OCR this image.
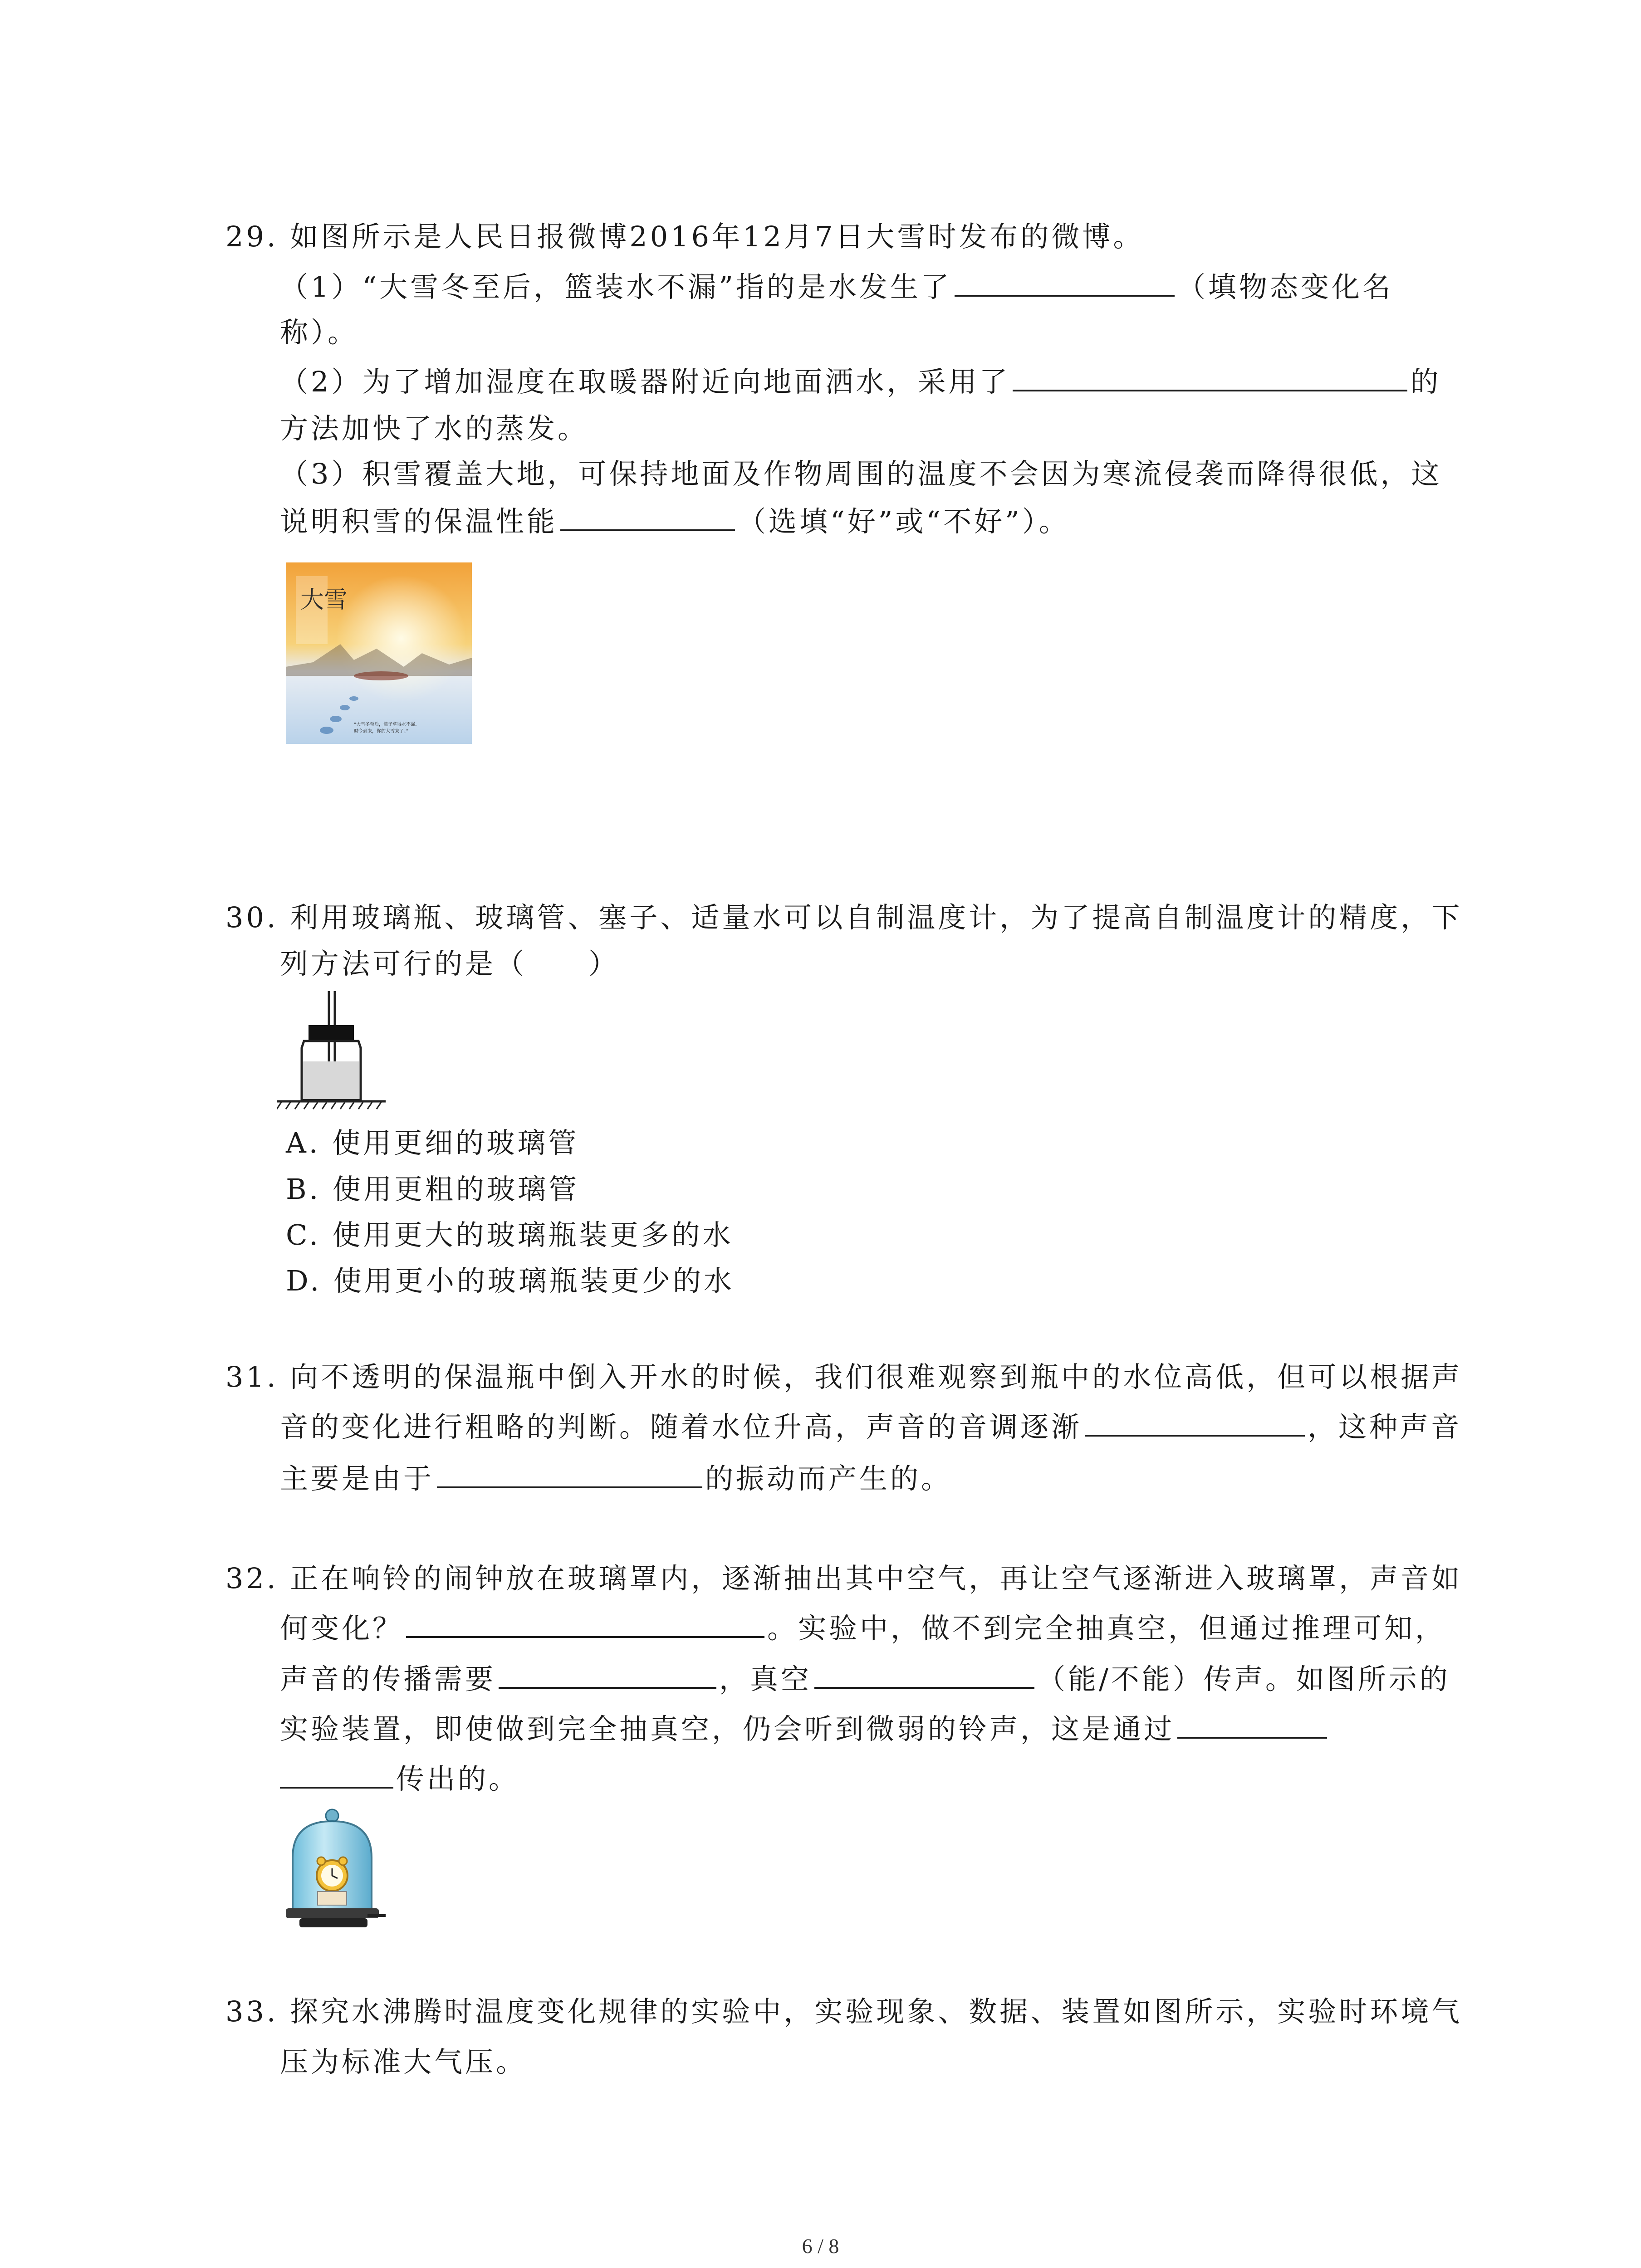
29. 如图所示是人民日报微博2016年12月7日大雪时发布的微博。
（1）“大雪冬至后，篮装水不漏”指的是水发生了	（填物态变化名
称）。
（2）为了增加湿度在取暖器附近向地面洒水，采用了	的
方法加快了水的蒸发。
（3）积雪覆盖大地，可保持地面及作物周围的温度不会因为寒流侵袭而降得很低，这
说明积雪的保温性能	（选填“好”或“不好”）。
大雪
“大雪冬至后，篮子拿得水不漏。
时令到来，你的大雪来了。”
30. 利用玻璃瓶、玻璃管、塞子、适量水可以自制温度计，为了提高自制温度计的精度，下
列方法可行的是（　　）
A. 使用更细的玻璃管
B. 使用更粗的玻璃管
C. 使用更大的玻璃瓶装更多的水
D. 使用更小的玻璃瓶装更少的水
31. 向不透明的保温瓶中倒入开水的时候，我们很难观察到瓶中的水位高低，但可以根据声
音的变化进行粗略的判断。随着水位升高，声音的音调逐渐	，这种声音
主要是由于	的振动而产生的。
32. 正在响铃的闹钟放在玻璃罩内，逐渐抽出其中空气，再让空气逐渐进入玻璃罩，声音如
何变化？	。实验中，做不到完全抽真空，但通过推理可知，
声音的传播需要	，真空	（能/不能）传声。如图所示的
实验装置，即使做到完全抽真空，仍会听到微弱的铃声，这是通过
传出的。
33. 探究水沸腾时温度变化规律的实验中，实验现象、数据、装置如图所示，实验时环境气
压为标准大气压。
6 / 8
